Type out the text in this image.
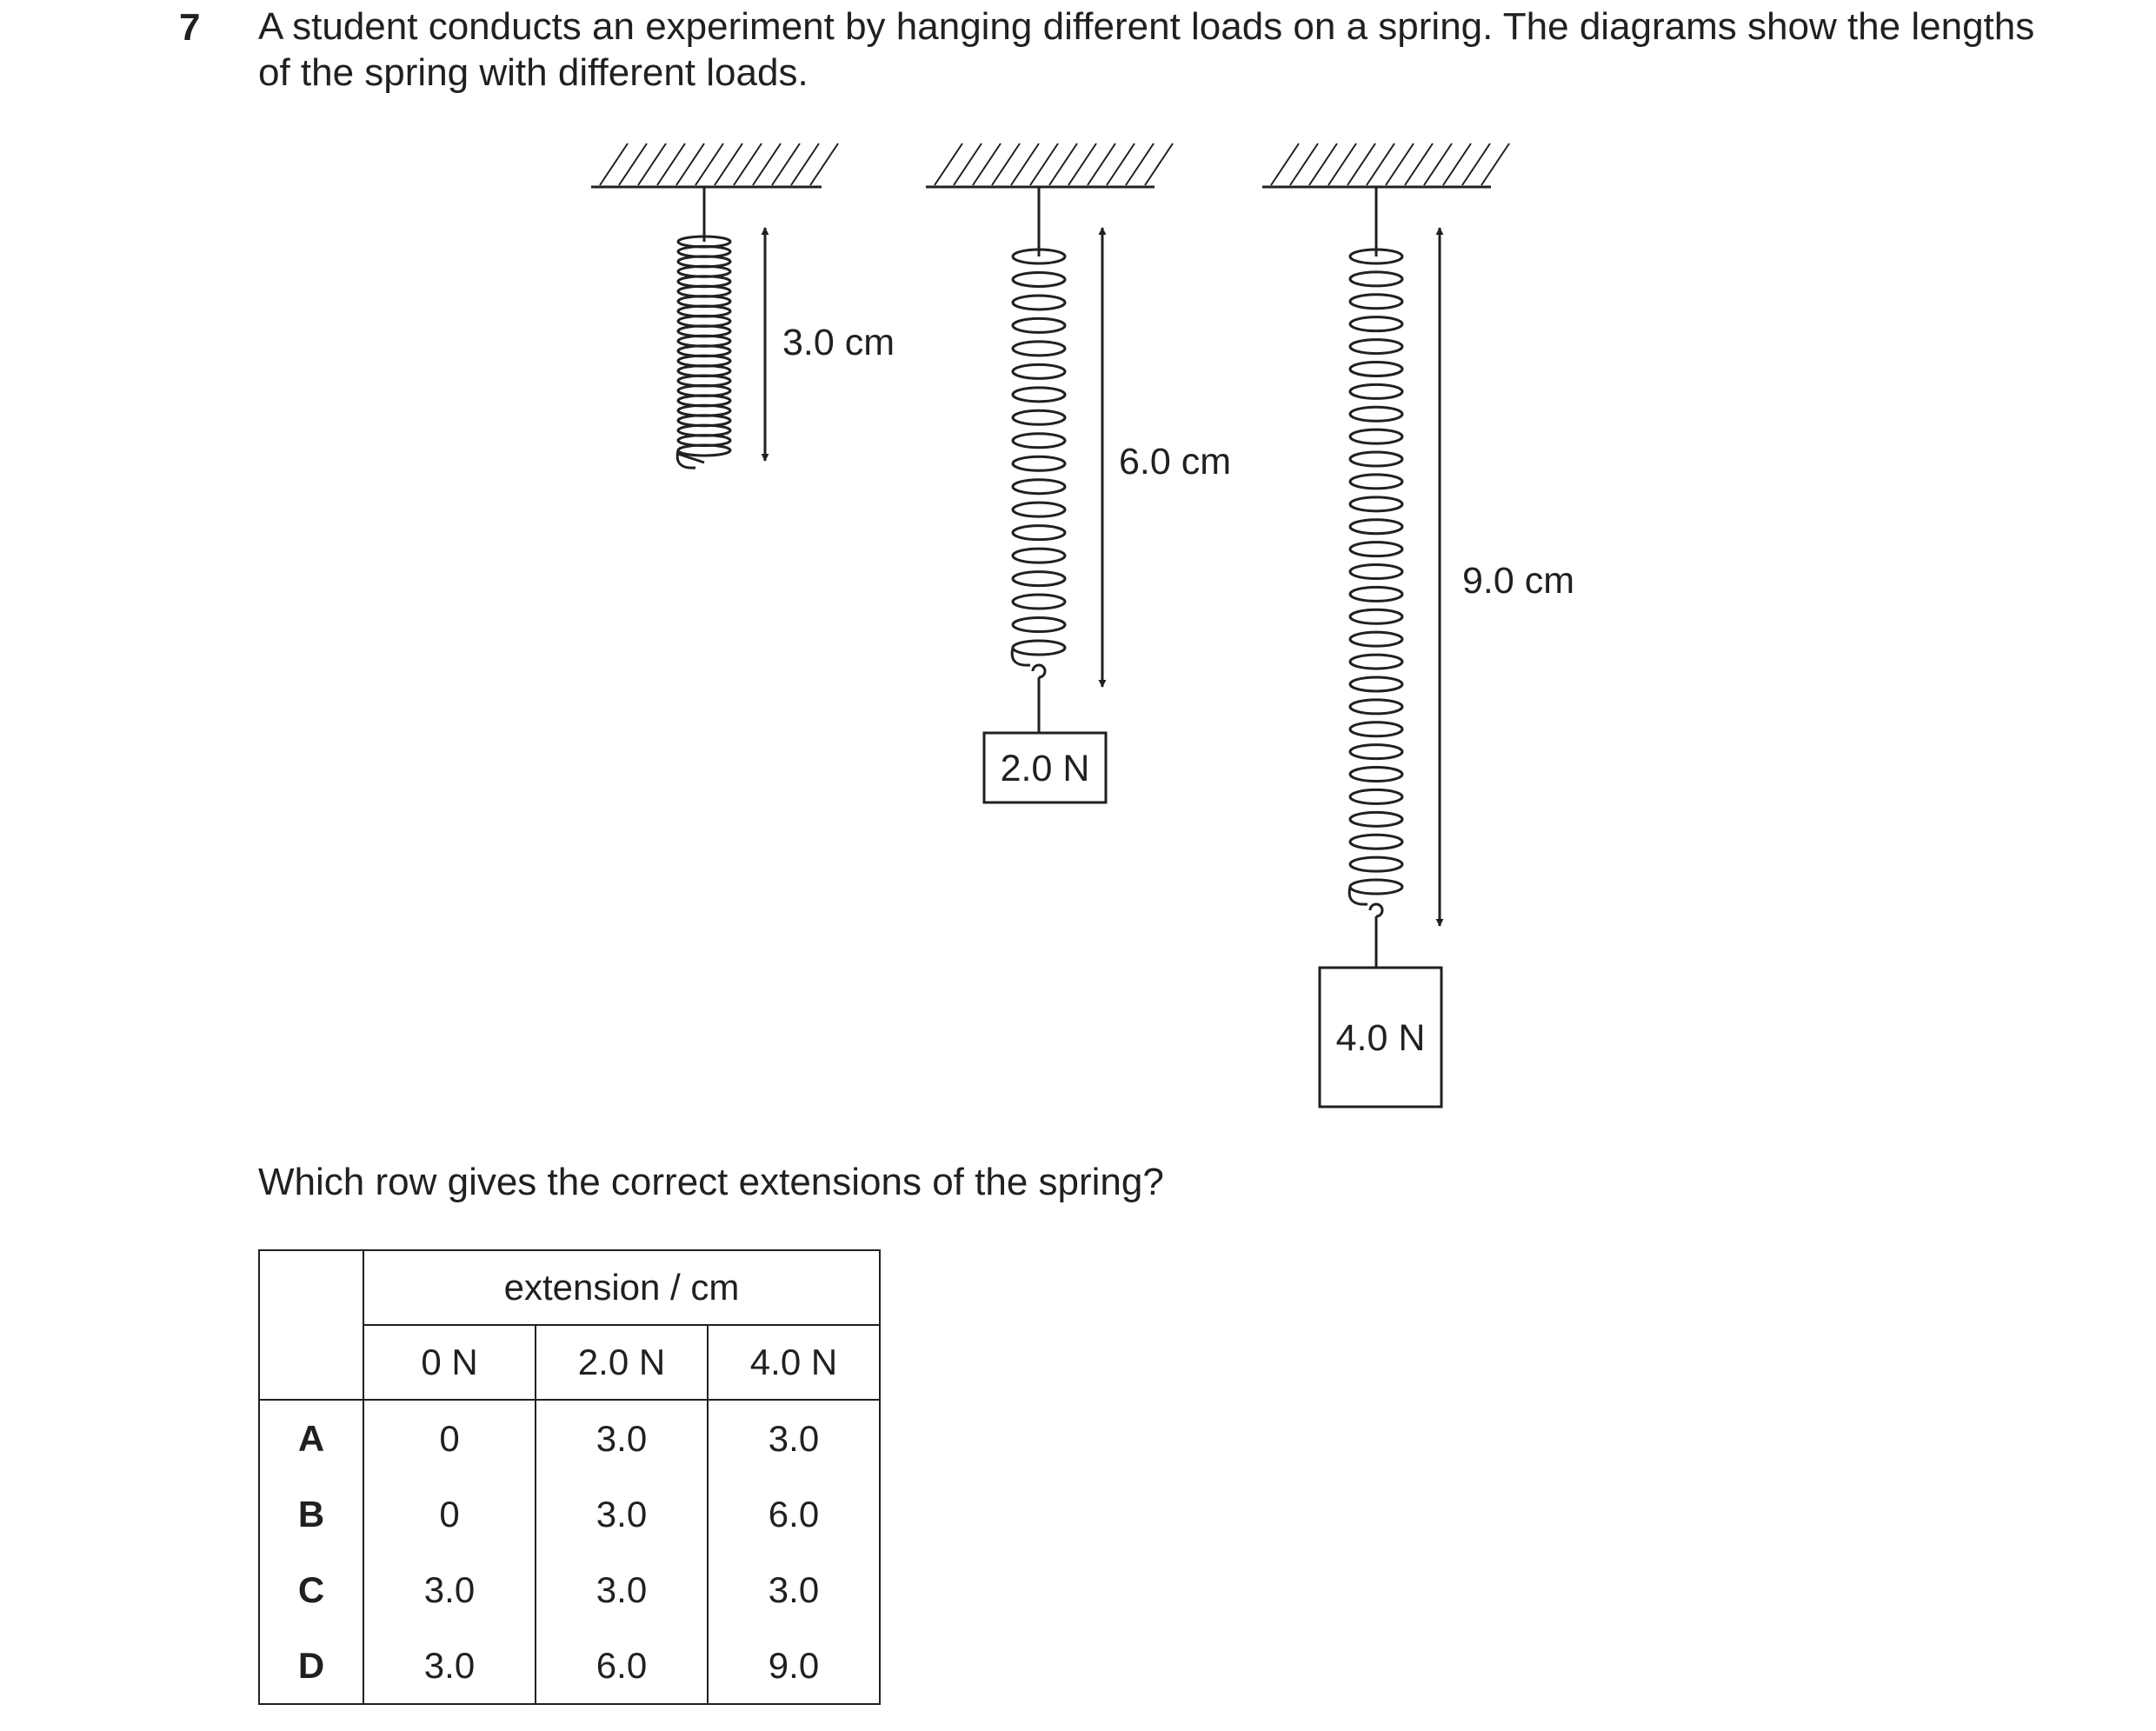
7 A student conducts an experiment by hanging different loads on a spring. The diagrams show the lengths of the spring with different loads.
3.0 cm
2.0 N
6.0 cm
4.0 N
9.0 cm
Which row gives the correct extensions of the spring?
	extension / cm		
	0 N	2.0 N	4.0 N
A	0	3.0	3.0
B	0	3.0	6.0
C	3.0	3.0	3.0
D	3.0	6.0	9.0
